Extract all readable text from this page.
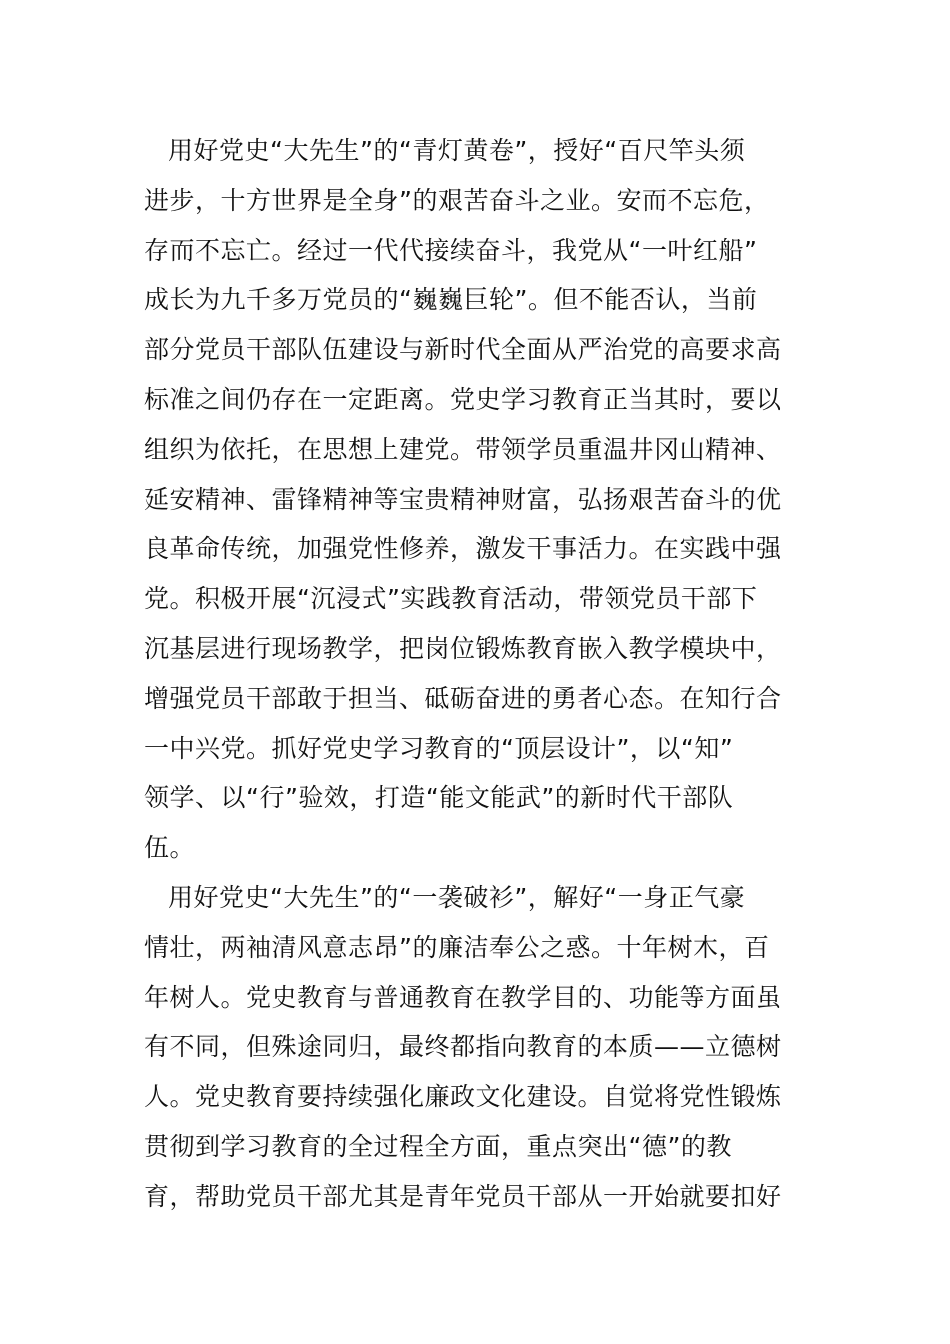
用好党史“大先生”的“青灯黄卷”，授好“百尺竿头须
进步，十方世界是全身”的艰苦奋斗之业。安而不忘危，
存而不忘亡。经过一代代接续奋斗，我党从“一叶红船”
成长为九千多万党员的“巍巍巨轮”。但不能否认，当前
部分党员干部队伍建设与新时代全面从严治党的高要求高
标准之间仍存在一定距离。党史学习教育正当其时，要以
组织为依托，在思想上建党。带领学员重温井冈山精神、
延安精神、雷锋精神等宝贵精神财富，弘扬艰苦奋斗的优
良革命传统，加强党性修养，激发干事活力。在实践中强
党。积极开展“沉浸式”实践教育活动，带领党员干部下
沉基层进行现场教学，把岗位锻炼教育嵌入教学模块中，
增强党员干部敢于担当、砥砺奋进的勇者心态。在知行合
一中兴党。抓好党史学习教育的“顶层设计”，以“知”
领学、以“行”验效，打造“能文能武”的新时代干部队
伍。
用好党史“大先生”的“一袭破衫”，解好“一身正气豪
情壮，两袖清风意志昂”的廉洁奉公之惑。十年树木，百
年树人。党史教育与普通教育在教学目的、功能等方面虽
有不同，但殊途同归，最终都指向教育的本质——立德树
人。党史教育要持续强化廉政文化建设。自觉将党性锻炼
贯彻到学习教育的全过程全方面，重点突出“德”的教
育，帮助党员干部尤其是青年党员干部从一开始就要扣好
